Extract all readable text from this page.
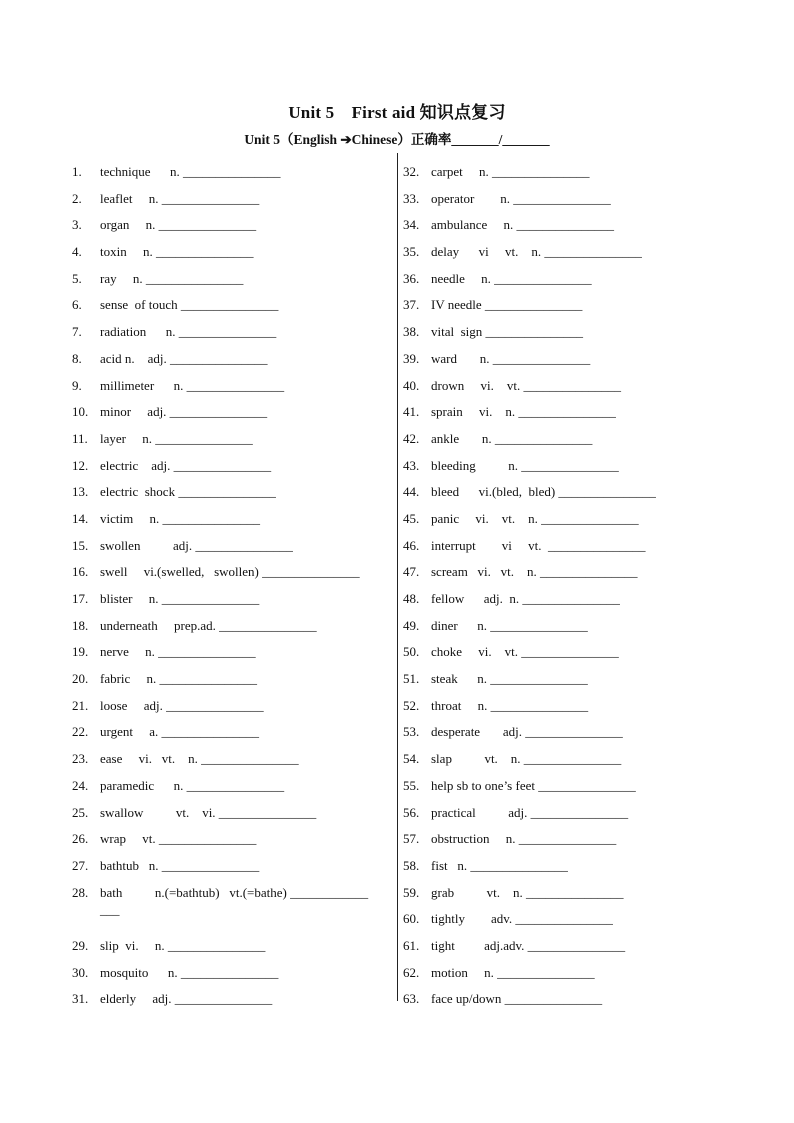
Unit 5　First aid 知识点复习
Unit 5（English ➔Chinese）正确率_______/_______
1.	technique      n. _______________
2.	leaflet     n. _______________
3.	organ     n. _______________
4.	toxin     n. _______________
5.	ray     n. _______________
6.	sense  of touch _______________
7.	radiation      n. _______________
8.	acid n.    adj. _______________
9.	millimeter      n. _______________
10. minor     adj. _______________
11. layer     n. _______________
12. electric    adj. _______________
13. electric  shock _______________
14. victim     n. _______________
15. swollen          adj. _______________
16. swell     vi.(swelled,   swollen) _______________
17. blister     n. _______________
18. underneath     prep.ad. _______________
19. nerve     n. _______________
20. fabric     n. _______________
21. loose     adj. _______________
22. urgent     a. _______________
23. ease     vi.   vt.    n. _______________
24. paramedic      n. _______________
25. swallow          vt.    vi. _______________
26. wrap     vt. _______________
27. bathtub   n. _______________
28. bath          n.(=bathtub)   vt.(=bathe) ____________
___
29. slip  vi.     n. _______________
30. mosquito      n. _______________
31. elderly     adj. _______________
32. carpet     n. _______________
33. operator        n. _______________
34. ambulance     n. _______________
35. delay      vi     vt.    n. _______________
36. needle     n. _______________
37. IV needle _______________
38. vital  sign _______________
39. ward       n. _______________
40. drown     vi.    vt. _______________
41. sprain     vi.    n. _______________
42. ankle       n. _______________
43. bleeding          n. _______________
44. bleed      vi.(bled,  bled) _______________
45. panic     vi.    vt.    n. _______________
46. interrupt        vi     vt.  _______________
47. scream   vi.   vt.    n. _______________
48. fellow      adj.  n. _______________
49. diner      n. _______________
50. choke     vi.    vt. _______________
51. steak      n. _______________
52. throat     n. _______________
53. desperate       adj. _______________
54. slap          vt.    n. _______________
55. help sb to one’s feet _______________
56. practical          adj. _______________
57. obstruction     n. _______________
58. fist   n. _______________
59. grab          vt.    n. _______________
60. tightly        adv. _______________
61. tight         adj.adv. _______________
62. motion     n. _______________
63. face up/down _______________
